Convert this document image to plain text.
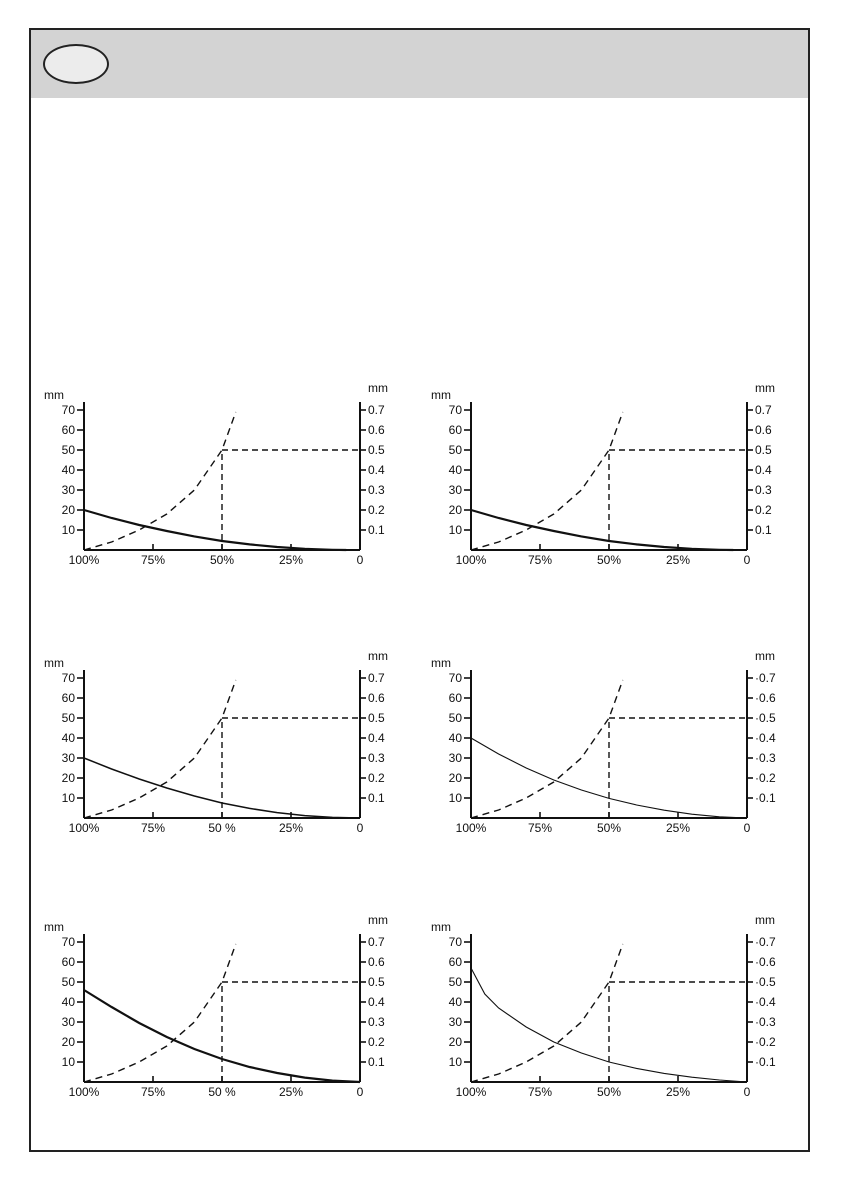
mm	mm
10
20
30
40
50
60
70
0.1
0.2
0.3
0.4
0.5
0.6
0.7
100%	75%	50%	25%	0
mm	mm
10
20
30
40
50
60
70
0.1
0.2
0.3
0.4
0.5
0.6
0.7
100%	75%	50%	25%	0
mm	mm
10
20
30
40
50
60
70
0.1
0.2
0.3
0.4
0.5
0.6
0.7
100%	75%	50 %	25%	0
mm	mm
10
20
30
40
50
60
70
·0.1
·0.2
·0.3
·0.4
·0.5
·0.6
·0.7
100%	75%	50%	25%	0
mm	mm
10
20
30
40
50
60
70
0.1
0.2
0.3
0.4
0.5
0.6
0.7
100%	75%	50 %	25%	0
mm	mm
10
20
30
40
50
60
70
·0.1
·0.2
·0.3
·0.4
·0.5
·0.6
·0.7
100%	75%	50%	25%	0
